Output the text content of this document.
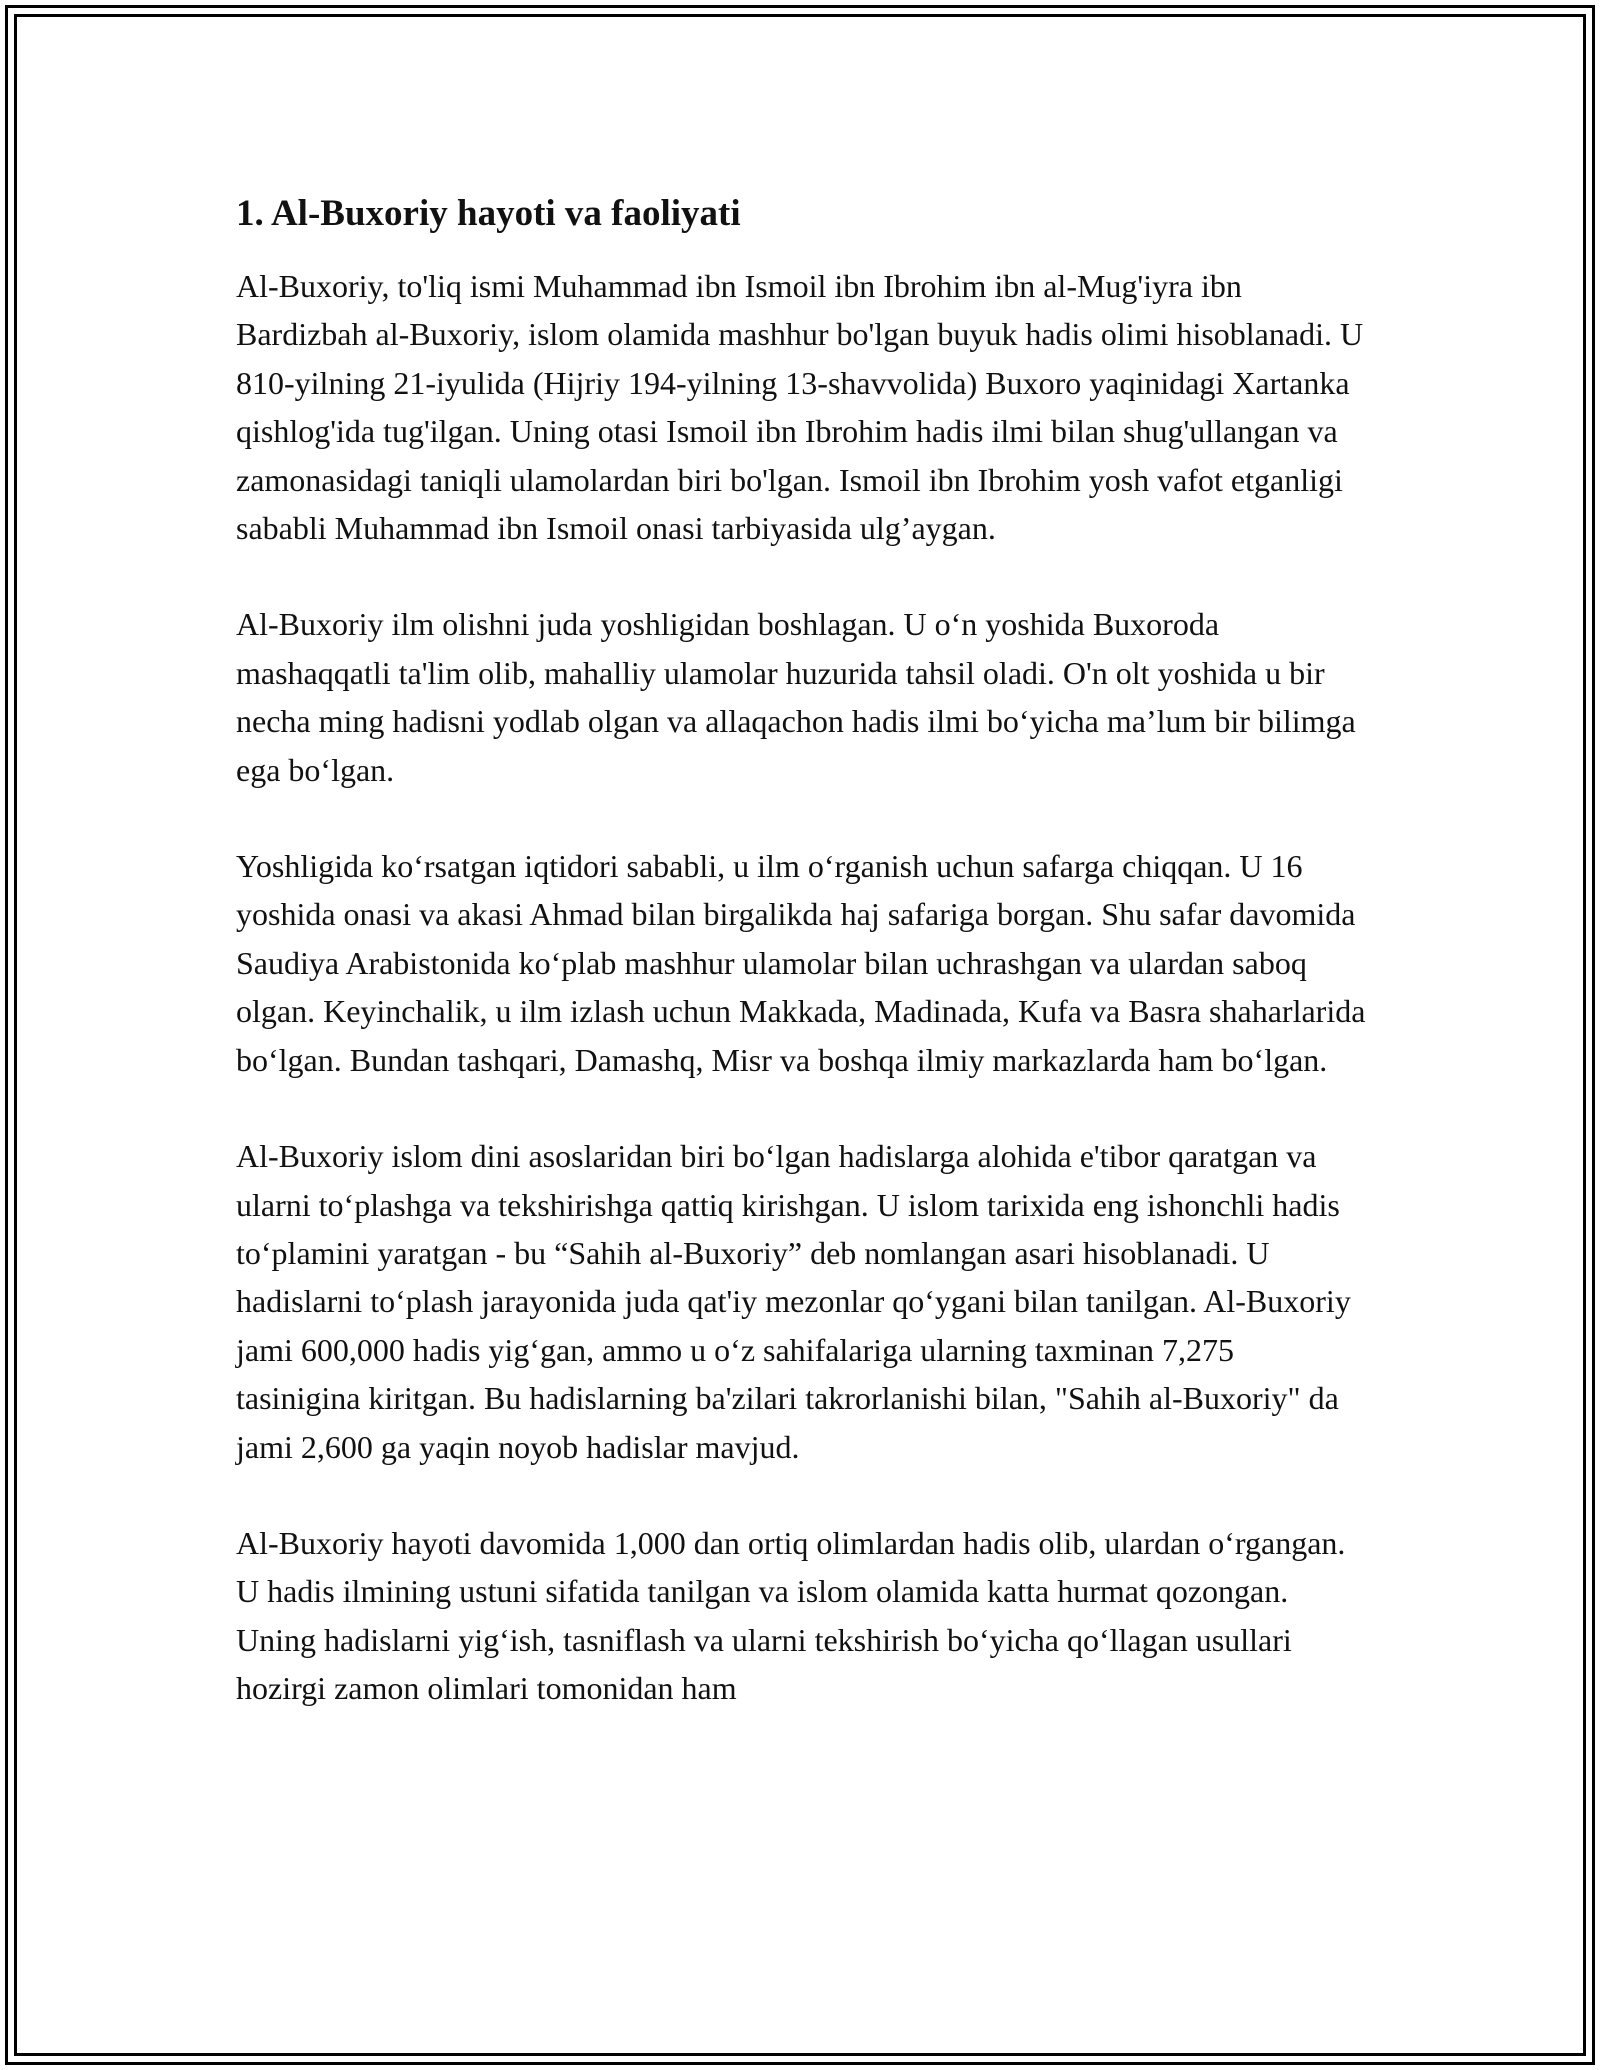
1. Al-Buxoriy hayoti va faoliyati

Al-Buxoriy, to'liq ismi Muhammad ibn Ismoil ibn Ibrohim ibn al-Mug'iyra ibn Bardizbah al-Buxoriy, islom olamida mashhur bo'lgan buyuk hadis olimi hisoblanadi. U 810-yilning 21-iyulida (Hijriy 194-yilning 13-shavvolida) Buxoro yaqinidagi Xartanka qishlog'ida tug'ilgan. Uning otasi Ismoil ibn Ibrohim hadis ilmi bilan shug'ullangan va zamonasidagi taniqli ulamolardan biri bo'lgan. Ismoil ibn Ibrohim yosh vafot etganligi sababli Muhammad ibn Ismoil onasi tarbiyasida ulg’aygan.

Al-Buxoriy ilm olishni juda yoshligidan boshlagan. U o‘n yoshida Buxoroda mashaqqatli ta'lim olib, mahalliy ulamolar huzurida tahsil oladi. O'n olt yoshida u bir necha ming hadisni yodlab olgan va allaqachon hadis ilmi bo‘yicha ma’lum bir bilimga ega bo‘lgan.

Yoshligida ko‘rsatgan iqtidori sababli, u ilm o‘rganish uchun safarga chiqqan. U 16 yoshida onasi va akasi Ahmad bilan birgalikda haj safariga borgan. Shu safar davomida Saudiya Arabistonida ko‘plab mashhur ulamolar bilan uchrashgan va ulardan saboq olgan. Keyinchalik, u ilm izlash uchun Makkada, Madinada, Kufa va Basra shaharlarida bo‘lgan. Bundan tashqari, Damashq, Misr va boshqa ilmiy markazlarda ham bo‘lgan.

Al-Buxoriy islom dini asoslaridan biri bo‘lgan hadislarga alohida e'tibor qaratgan va ularni to‘plashga va tekshirishga qattiq kirishgan. U islom tarixida eng ishonchli hadis to‘plamini yaratgan - bu “Sahih al-Buxoriy” deb nomlangan asari hisoblanadi. U hadislarni to‘plash jarayonida juda qat'iy mezonlar qo‘ygani bilan tanilgan. Al-Buxoriy jami 600,000 hadis yig‘gan, ammo u o‘z sahifalariga ularning taxminan 7,275 tasinigina kiritgan. Bu hadislarning ba'zilari takrorlanishi bilan, "Sahih al-Buxoriy" da jami 2,600 ga yaqin noyob hadislar mavjud.

Al-Buxoriy hayoti davomida 1,000 dan ortiq olimlardan hadis olib, ulardan o‘rgangan. U hadis ilmining ustuni sifatida tanilgan va islom olamida katta hurmat qozongan. Uning hadislarni yig‘ish, tasniflash va ularni tekshirish bo‘yicha qo‘llagan usullari hozirgi zamon olimlari tomonidan ham
